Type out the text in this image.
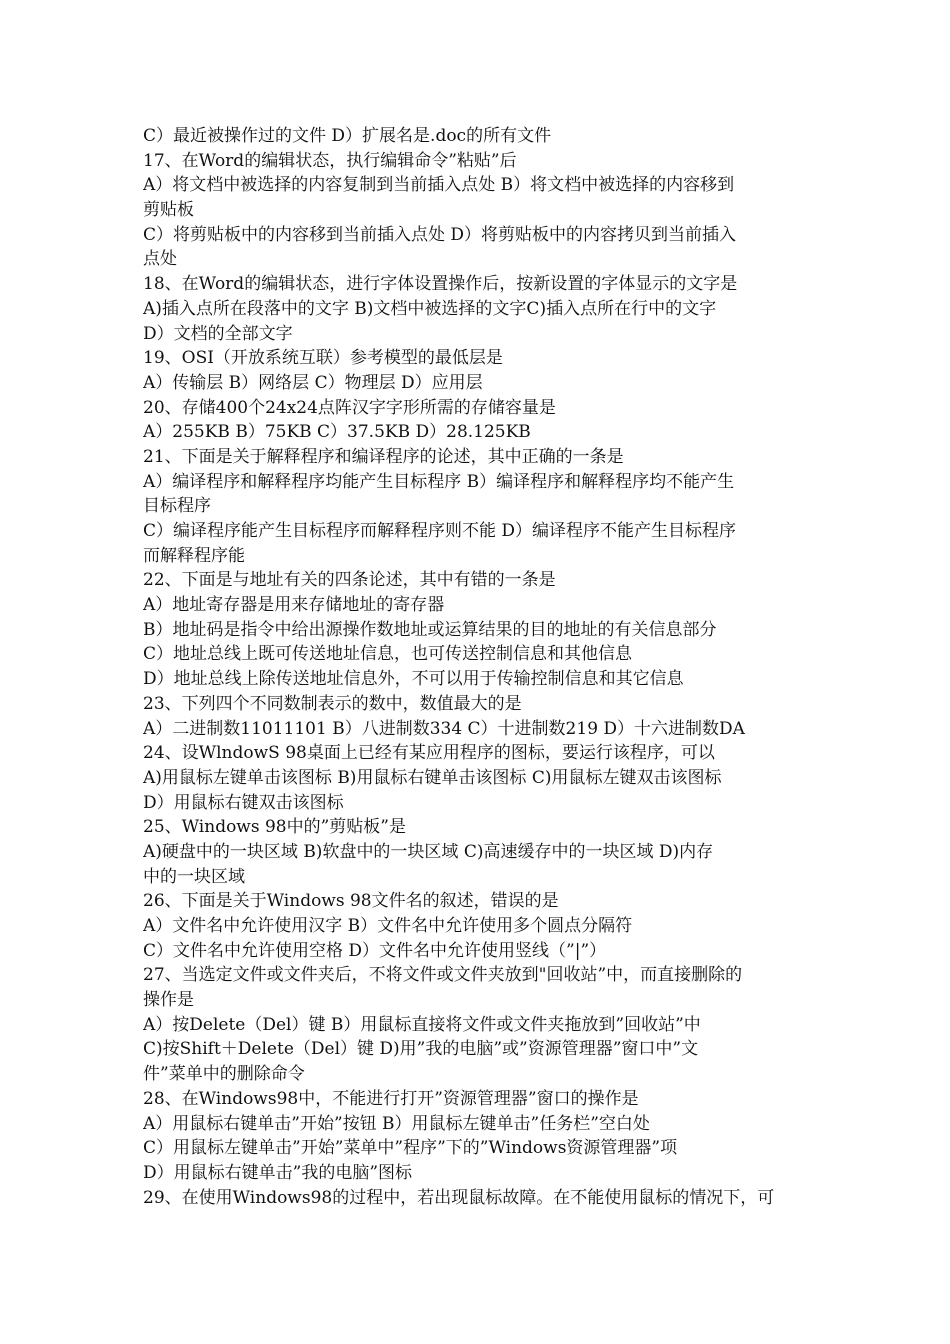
C）最近被操作过的文件 D）扩展名是.doc的所有文件
17、在Word的编辑状态，执行编辑命令”粘贴”后
A）将文档中被选择的内容复制到当前插入点处 B）将文档中被选择的内容移到
剪贴板
C）将剪贴板中的内容移到当前插入点处 D）将剪贴板中的内容拷贝到当前插入
点处
18、在Word的编辑状态，进行字体设置操作后，按新设置的字体显示的文字是
A)插入点所在段落中的文字 B)文档中被选择的文字C)插入点所在行中的文字
D）文档的全部文字
19、OSI（开放系统互联）参考模型的最低层是
A）传输层 B）网络层 C）物理层 D）应用层
20、存储400个24x24点阵汉字字形所需的存储容量是
A）255KB B）75KB C）37.5KB D）28.125KB
21、下面是关于解释程序和编译程序的论述，其中正确的一条是
A）编译程序和解释程序均能产生目标程序 B）编译程序和解释程序均不能产生
目标程序
C）编译程序能产生目标程序而解释程序则不能 D）编译程序不能产生目标程序
而解释程序能
22、下面是与地址有关的四条论述，其中有错的一条是
A）地址寄存器是用来存储地址的寄存器
B）地址码是指令中给出源操作数地址或运算结果的目的地址的有关信息部分
C）地址总线上既可传送地址信息，也可传送控制信息和其他信息
D）地址总线上除传送地址信息外，不可以用于传输控制信息和其它信息
23、下列四个不同数制表示的数中，数值最大的是
A）二进制数11011101 B）八进制数334 C）十进制数219 D）十六进制数DA
24、设WlndowS 98桌面上已经有某应用程序的图标，要运行该程序，可以
A)用鼠标左键单击该图标 B)用鼠标右键单击该图标 C)用鼠标左键双击该图标
D）用鼠标右键双击该图标
25、Windows 98中的”剪贴板”是
A)硬盘中的一块区域 B)软盘中的一块区域 C)高速缓存中的一块区域 D)内存
中的一块区域
26、下面是关于Windows 98文件名的叙述，错误的是
A）文件名中允许使用汉字 B）文件名中允许使用多个圆点分隔符
C）文件名中允许使用空格 D）文件名中允许使用竖线（”|”）
27、当选定文件或文件夹后，不将文件或文件夹放到"回收站”中，而直接删除的
操作是
A）按Delete（Del）键 B）用鼠标直接将文件或文件夹拖放到”回收站”中
C)按Shift＋Delete（Del）键 D)用”我的电脑”或”资源管理器”窗口中”文
件”菜单中的删除命令
28、在Windows98中，不能进行打开”资源管理器”窗口的操作是
A）用鼠标右键单击”开始”按钮 B）用鼠标左键单击”任务栏”空白处
C）用鼠标左键单击”开始”菜单中”程序”下的”Windows资源管理器”项
D）用鼠标右键单击”我的电脑”图标
29、在使用Windows98的过程中，若出现鼠标故障。在不能使用鼠标的情况下，可
